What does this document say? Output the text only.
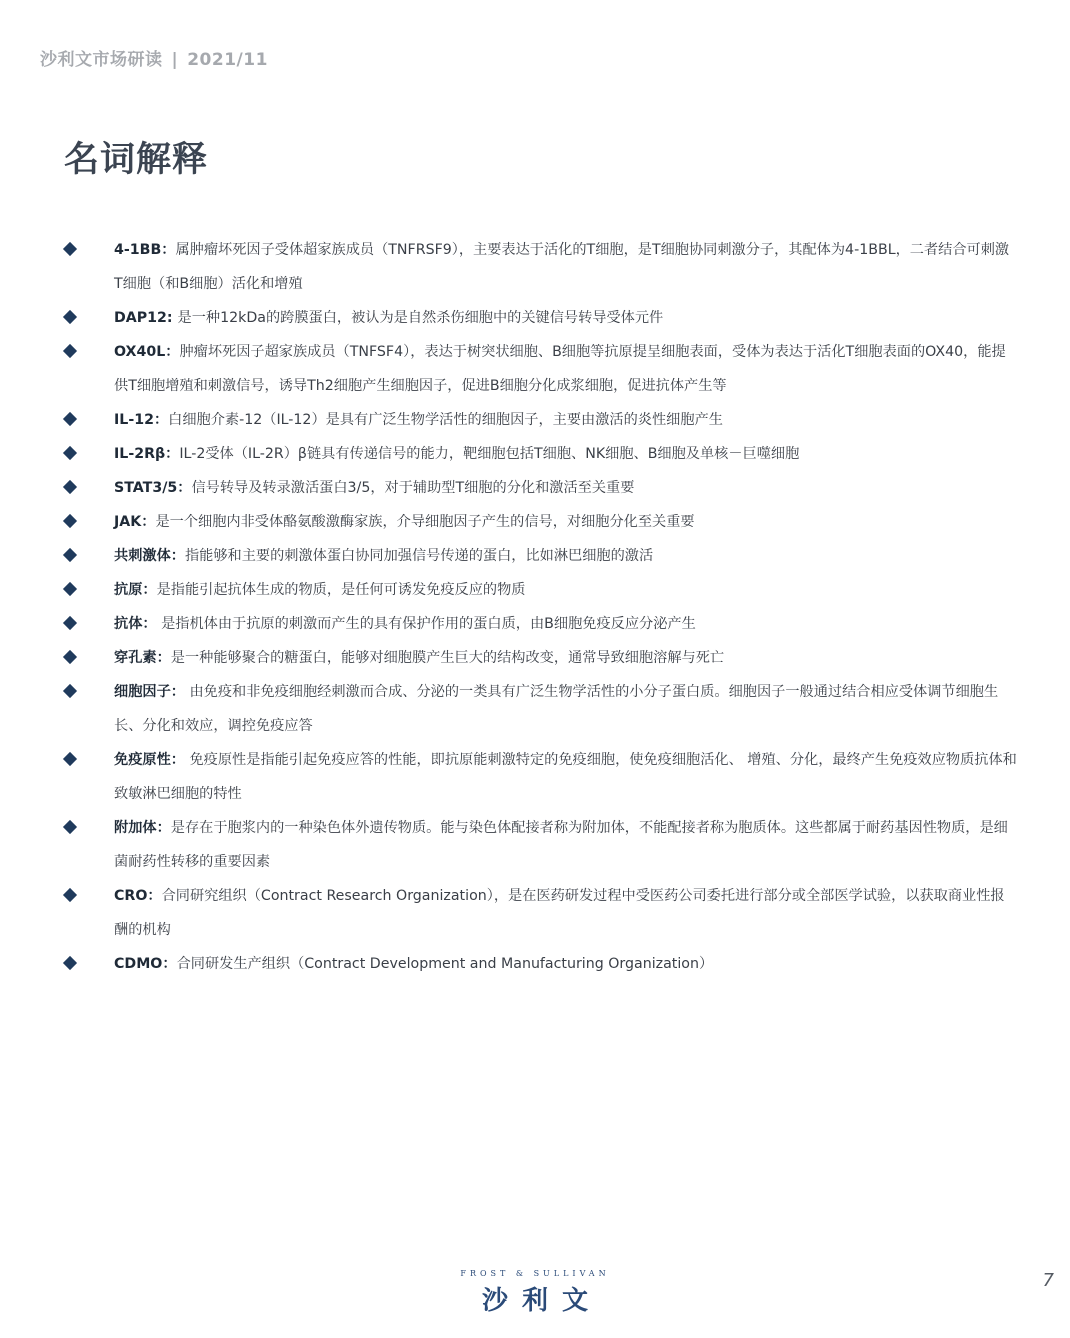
沙利文市场研读 | 2021/11
名词解释
4-1BB：属肿瘤坏死因子受体超家族成员（TNFRSF9），主要表达于活化的T细胞，是T细胞协同刺激分子，其配体为4-1BBL，二者结合可刺激T细胞（和B细胞）活化和增殖
DAP12: 是一种12kDa的跨膜蛋白，被认为是自然杀伤细胞中的关键信号转导受体元件
OX40L：肿瘤坏死因子超家族成员（TNFSF4），表达于树突状细胞、B细胞等抗原提呈细胞表面，受体为表达于活化T细胞表面的OX40，能提供T细胞增殖和刺激信号，诱导Th2细胞产生细胞因子，促进B细胞分化成浆细胞，促进抗体产生等
IL-12：白细胞介素-12（IL-12）是具有广泛生物学活性的细胞因子，主要由激活的炎性细胞产生
IL-2Rβ：IL-2受体（IL-2R）β链具有传递信号的能力，靶细胞包括T细胞、NK细胞、B细胞及单核－巨噬细胞
STAT3/5：信号转导及转录激活蛋白3/5，对于辅助型T细胞的分化和激活至关重要
JAK：是一个细胞内非受体酪氨酸激酶家族，介导细胞因子产生的信号，对细胞分化至关重要
共刺激体：指能够和主要的刺激体蛋白协同加强信号传递的蛋白，比如淋巴细胞的激活
抗原：是指能引起抗体生成的物质，是任何可诱发免疫反应的物质
抗体： 是指机体由于抗原的刺激而产生的具有保护作用的蛋白质，由B细胞免疫反应分泌产生
穿孔素：是一种能够聚合的糖蛋白，能够对细胞膜产生巨大的结构改变，通常导致细胞溶解与死亡
细胞因子： 由免疫和非免疫细胞经刺激而合成、分泌的一类具有广泛生物学活性的小分子蛋白质。细胞因子一般通过结合相应受体调节细胞生长、分化和效应，调控免疫应答
免疫原性： 免疫原性是指能引起免疫应答的性能，即抗原能刺激特定的免疫细胞，使免疫细胞活化、 增殖、分化，最终产生免疫效应物质抗体和致敏淋巴细胞的特性
附加体：是存在于胞浆内的一种染色体外遗传物质。能与染色体配接者称为附加体，不能配接者称为胞质体。这些都属于耐药基因性物质，是细菌耐药性转移的重要因素
CRO：合同研究组织（Contract Research Organization），是在医药研发过程中受医药公司委托进行部分或全部医学试验，以获取商业性报酬的机构
CDMO：合同研发生产组织（Contract Development and Manufacturing Organization）
FROST & SULLIVAN
沙利文
7
